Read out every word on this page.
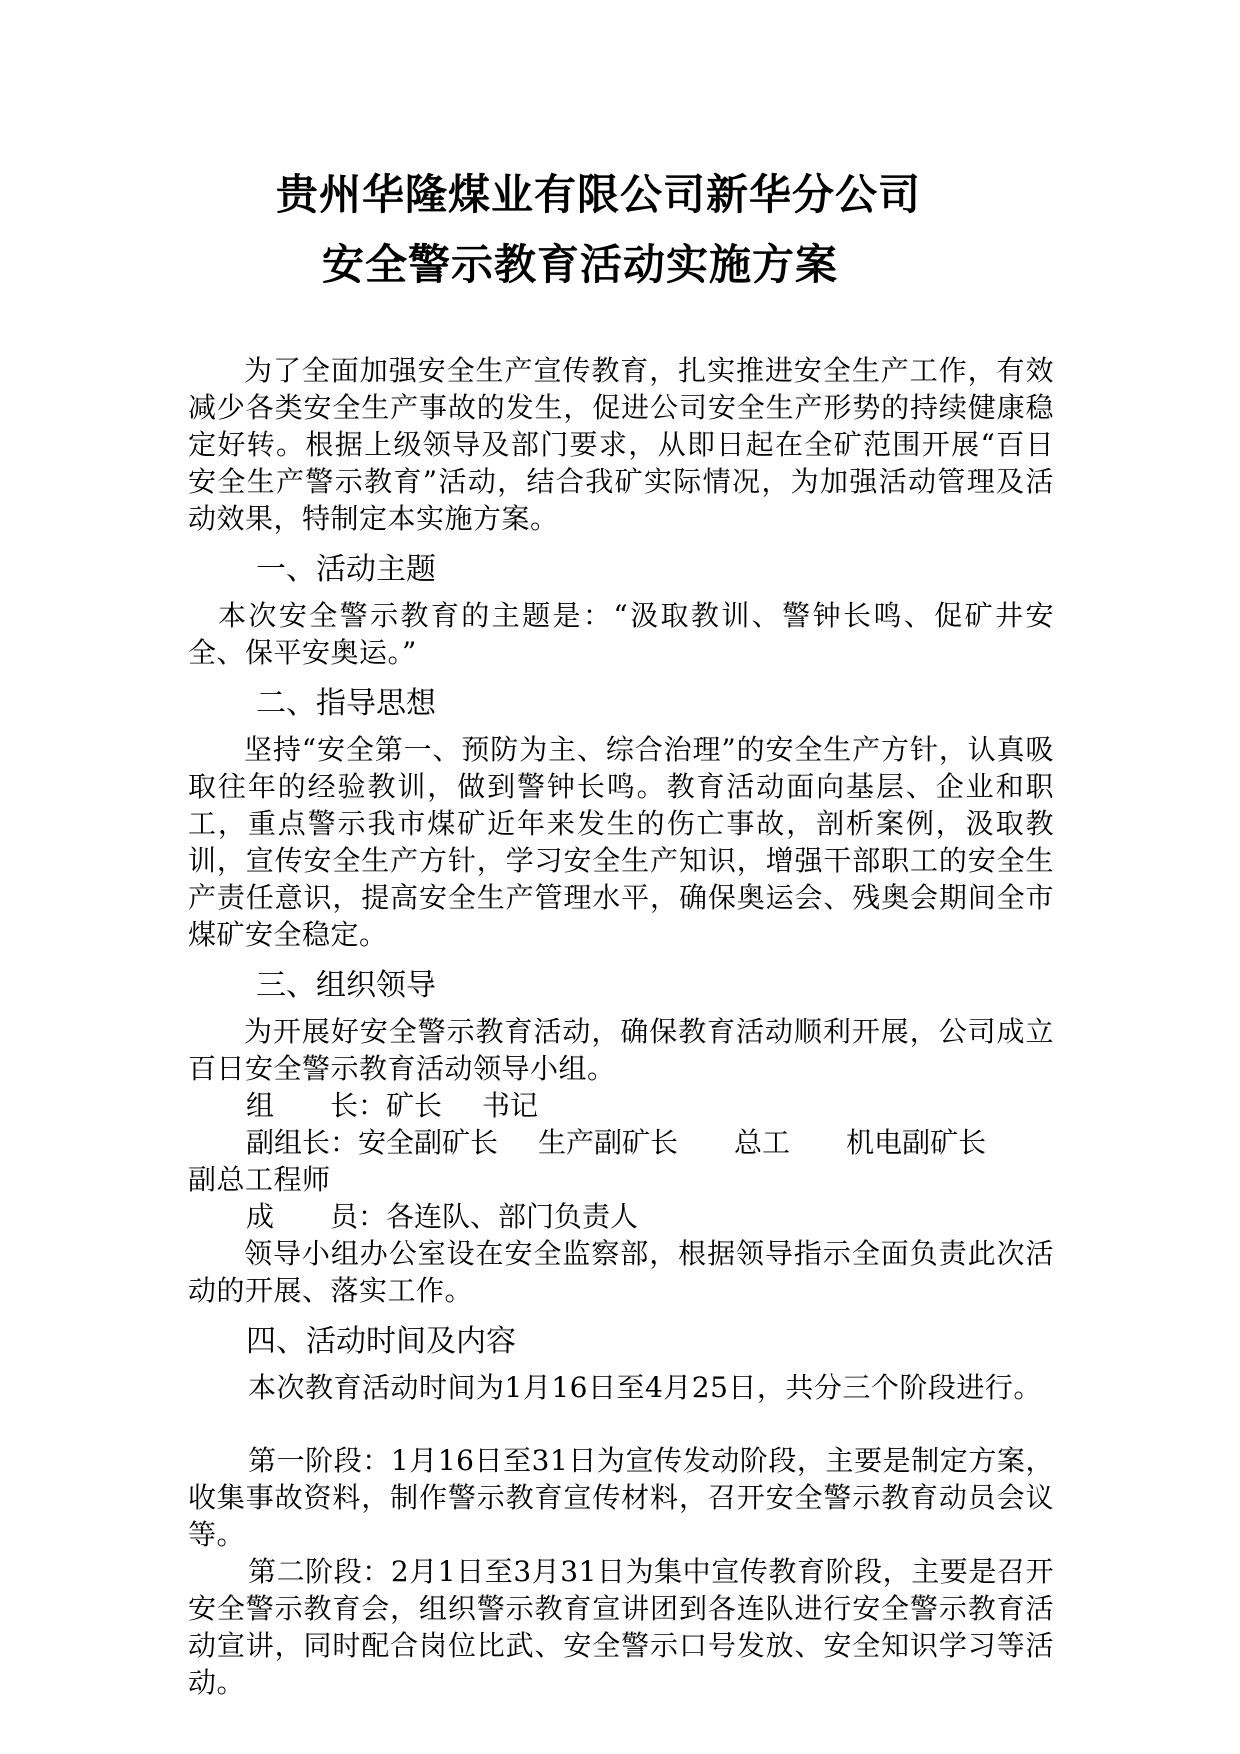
贵州华隆煤业有限公司新华分公司
安全警示教育活动实施方案

为了全面加强安全生产宣传教育，扎实推进安全生产工作，有效减少各类安全生产事故的发生，促进公司安全生产形势的持续健康稳定好转。根据上级领导及部门要求，从即日起在全矿范围开展“百日安全生产警示教育”活动，结合我矿实际情况，为加强活动管理及活动效果，特制定本实施方案。

一、活动主题

本次安全警示教育的主题是：“汲取教训、警钟长鸣、促矿井安全、保平安奥运。”

二、指导思想

坚持“安全第一、预防为主、综合治理”的安全生产方针，认真吸取往年的经验教训，做到警钟长鸣。教育活动面向基层、企业和职工，重点警示我市煤矿近年来发生的伤亡事故，剖析案例，汲取教训，宣传安全生产方针，学习安全生产知识，增强干部职工的安全生产责任意识，提高安全生产管理水平，确保奥运会、残奥会期间全市煤矿安全稳定。

三、组织领导

为开展好安全警示教育活动，确保教育活动顺利开展，公司成立百日安全警示教育活动领导小组。

组　　长：矿长 书记

副组长：安全副矿长 生产副矿长 总工 机电副矿长

副总工程师

成　　员：各连队、部门负责人

领导小组办公室设在安全监察部，根据领导指示全面负责此次活动的开展、落实工作。

四、活动时间及内容

本次教育活动时间为1月16日至4月25日，共分三个阶段进行。

第一阶段：1月16日至31日为宣传发动阶段，主要是制定方案，收集事故资料，制作警示教育宣传材料，召开安全警示教育动员会议等。

第二阶段：2月1日至3月31日为集中宣传教育阶段，主要是召开安全警示教育会，组织警示教育宣讲团到各连队进行安全警示教育活动宣讲，同时配合岗位比武、安全警示口号发放、安全知识学习等活动。
